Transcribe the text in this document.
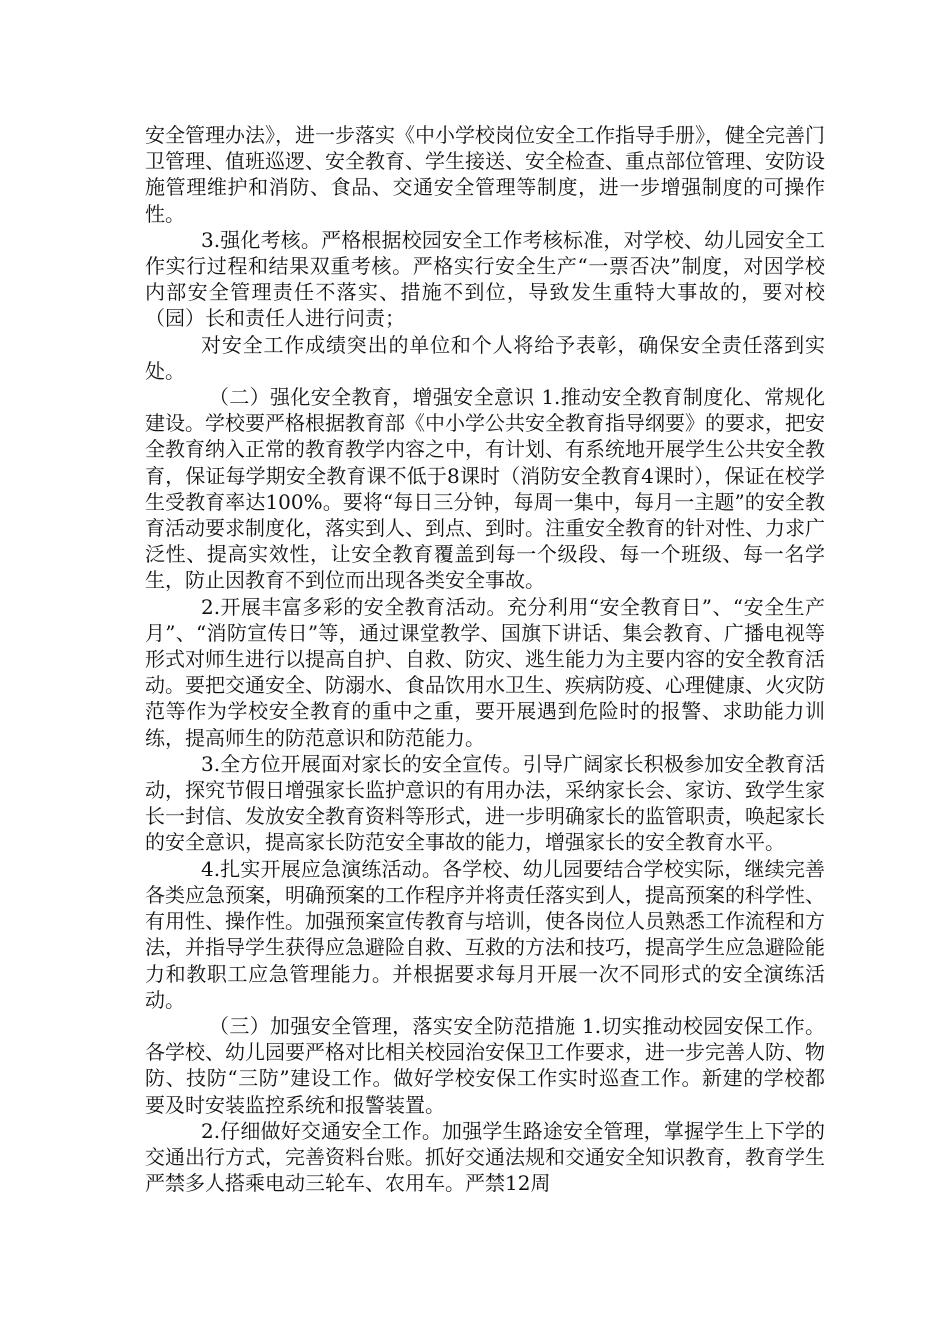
安全管理办法》，进一步落实《中小学校岗位安全工作指导手册》，健全完善门卫管理、值班巡逻、安全教育、学生接送、安全检查、重点部位管理、安防设施管理维护和消防、食品、交通安全管理等制度，进一步增强制度的可操作性。

3.强化考核。严格根据校园安全工作考核标准，对学校、幼儿园安全工作实行过程和结果双重考核。严格实行安全生产“一票否决”制度，对因学校内部安全管理责任不落实、措施不到位，导致发生重特大事故的，要对校（园）长和责任人进行问责；

对安全工作成绩突出的单位和个人将给予表彰，确保安全责任落到实处。

（二）强化安全教育，增强安全意识 1.推动安全教育制度化、常规化建设。学校要严格根据教育部《中小学公共安全教育指导纲要》的要求，把安全教育纳入正常的教育教学内容之中，有计划、有系统地开展学生公共安全教育，保证每学期安全教育课不低于8课时（消防安全教育4课时），保证在校学生受教育率达100%。要将“每日三分钟，每周一集中，每月一主题”的安全教育活动要求制度化，落实到人、到点、到时。注重安全教育的针对性、力求广泛性、提高实效性，让安全教育覆盖到每一个级段、每一个班级、每一名学生，防止因教育不到位而出现各类安全事故。

2.开展丰富多彩的安全教育活动。充分利用“安全教育日”、“安全生产月”、“消防宣传日”等，通过课堂教学、国旗下讲话、集会教育、广播电视等形式对师生进行以提高自护、自救、防灾、逃生能力为主要内容的安全教育活动。要把交通安全、防溺水、食品饮用水卫生、疾病防疫、心理健康、火灾防范等作为学校安全教育的重中之重，要开展遇到危险时的报警、求助能力训练，提高师生的防范意识和防范能力。

3.全方位开展面对家长的安全宣传。引导广阔家长积极参加安全教育活动，探究节假日增强家长监护意识的有用办法，采纳家长会、家访、致学生家长一封信、发放安全教育资料等形式，进一步明确家长的监管职责，唤起家长的安全意识，提高家长防范安全事故的能力，增强家长的安全教育水平。

4.扎实开展应急演练活动。各学校、幼儿园要结合学校实际，继续完善各类应急预案，明确预案的工作程序并将责任落实到人，提高预案的科学性、有用性、操作性。加强预案宣传教育与培训，使各岗位人员熟悉工作流程和方法，并指导学生获得应急避险自救、互救的方法和技巧，提高学生应急避险能力和教职工应急管理能力。并根据要求每月开展一次不同形式的安全演练活动。

（三）加强安全管理，落实安全防范措施 1.切实推动校园安保工作。各学校、幼儿园要严格对比相关校园治安保卫工作要求，进一步完善人防、物防、技防“三防”建设工作。做好学校安保工作实时巡查工作。新建的学校都要及时安装监控系统和报警装置。

2.仔细做好交通安全工作。加强学生路途安全管理，掌握学生上下学的交通出行方式，完善资料台账。抓好交通法规和交通安全知识教育，教育学生严禁多人搭乘电动三轮车、农用车。严禁12周
